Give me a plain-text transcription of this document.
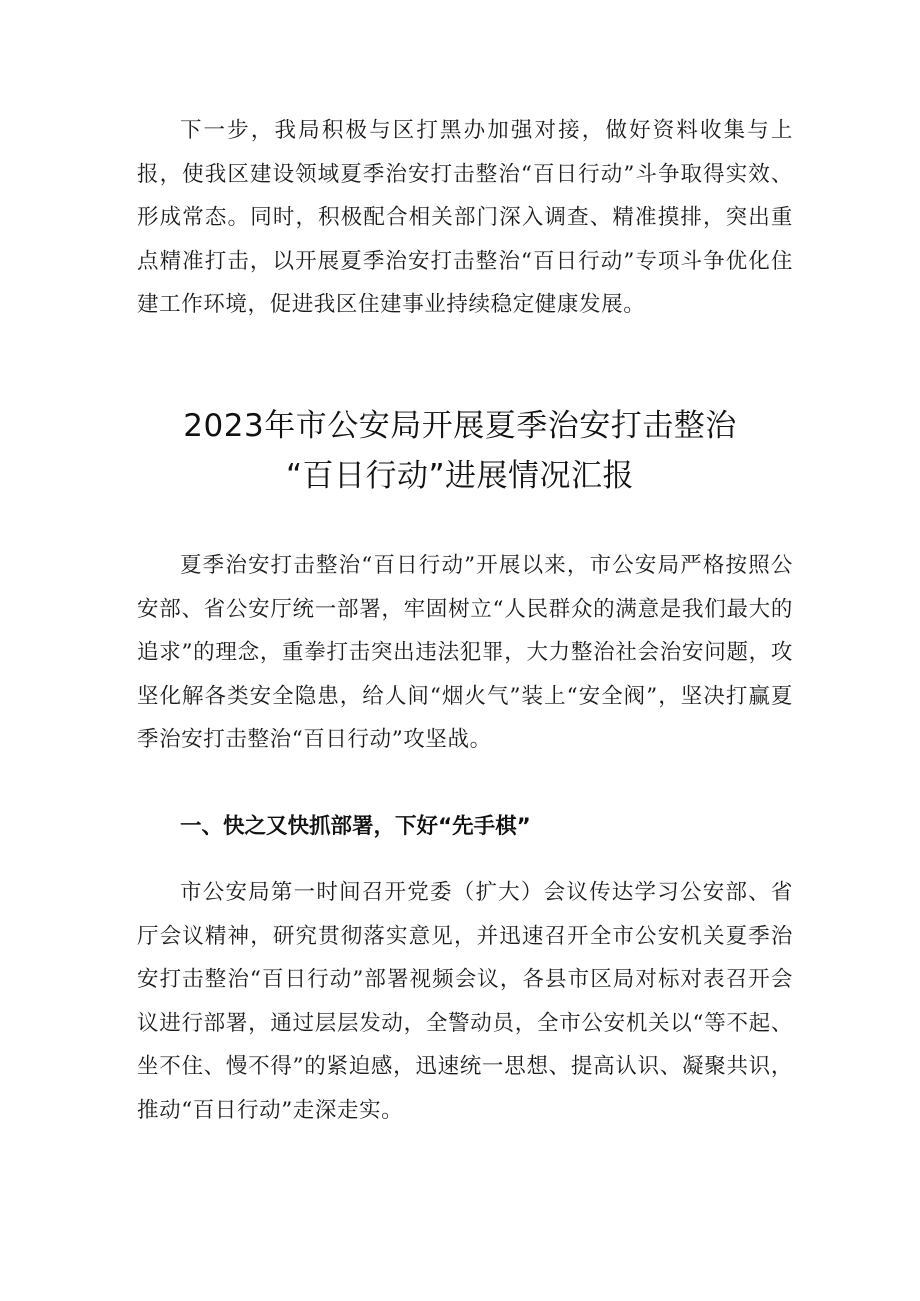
下一步，我局积极与区打黑办加强对接，做好资料收集与上报，使我区建设领域夏季治安打击整治“百日行动”斗争取得实效、形成常态。同时，积极配合相关部门深入调查、精准摸排，突出重点精准打击，以开展夏季治安打击整治“百日行动”专项斗争优化住建工作环境，促进我区住建事业持续稳定健康发展。

2023年市公安局开展夏季治安打击整治
“百日行动”进展情况汇报

夏季治安打击整治“百日行动”开展以来，市公安局严格按照公安部、省公安厅统一部署，牢固树立“人民群众的满意是我们最大的追求”的理念，重拳打击突出违法犯罪，大力整治社会治安问题，攻坚化解各类安全隐患，给人间“烟火气”装上“安全阀”，坚决打赢夏季治安打击整治“百日行动”攻坚战。

一、快之又快抓部署，下好“先手棋”

市公安局第一时间召开党委（扩大）会议传达学习公安部、省厅会议精神，研究贯彻落实意见，并迅速召开全市公安机关夏季治安打击整治“百日行动”部署视频会议，各县市区局对标对表召开会议进行部署，通过层层发动，全警动员，全市公安机关以“等不起、坐不住、慢不得”的紧迫感，迅速统一思想、提高认识、凝聚共识，推动“百日行动”走深走实。
